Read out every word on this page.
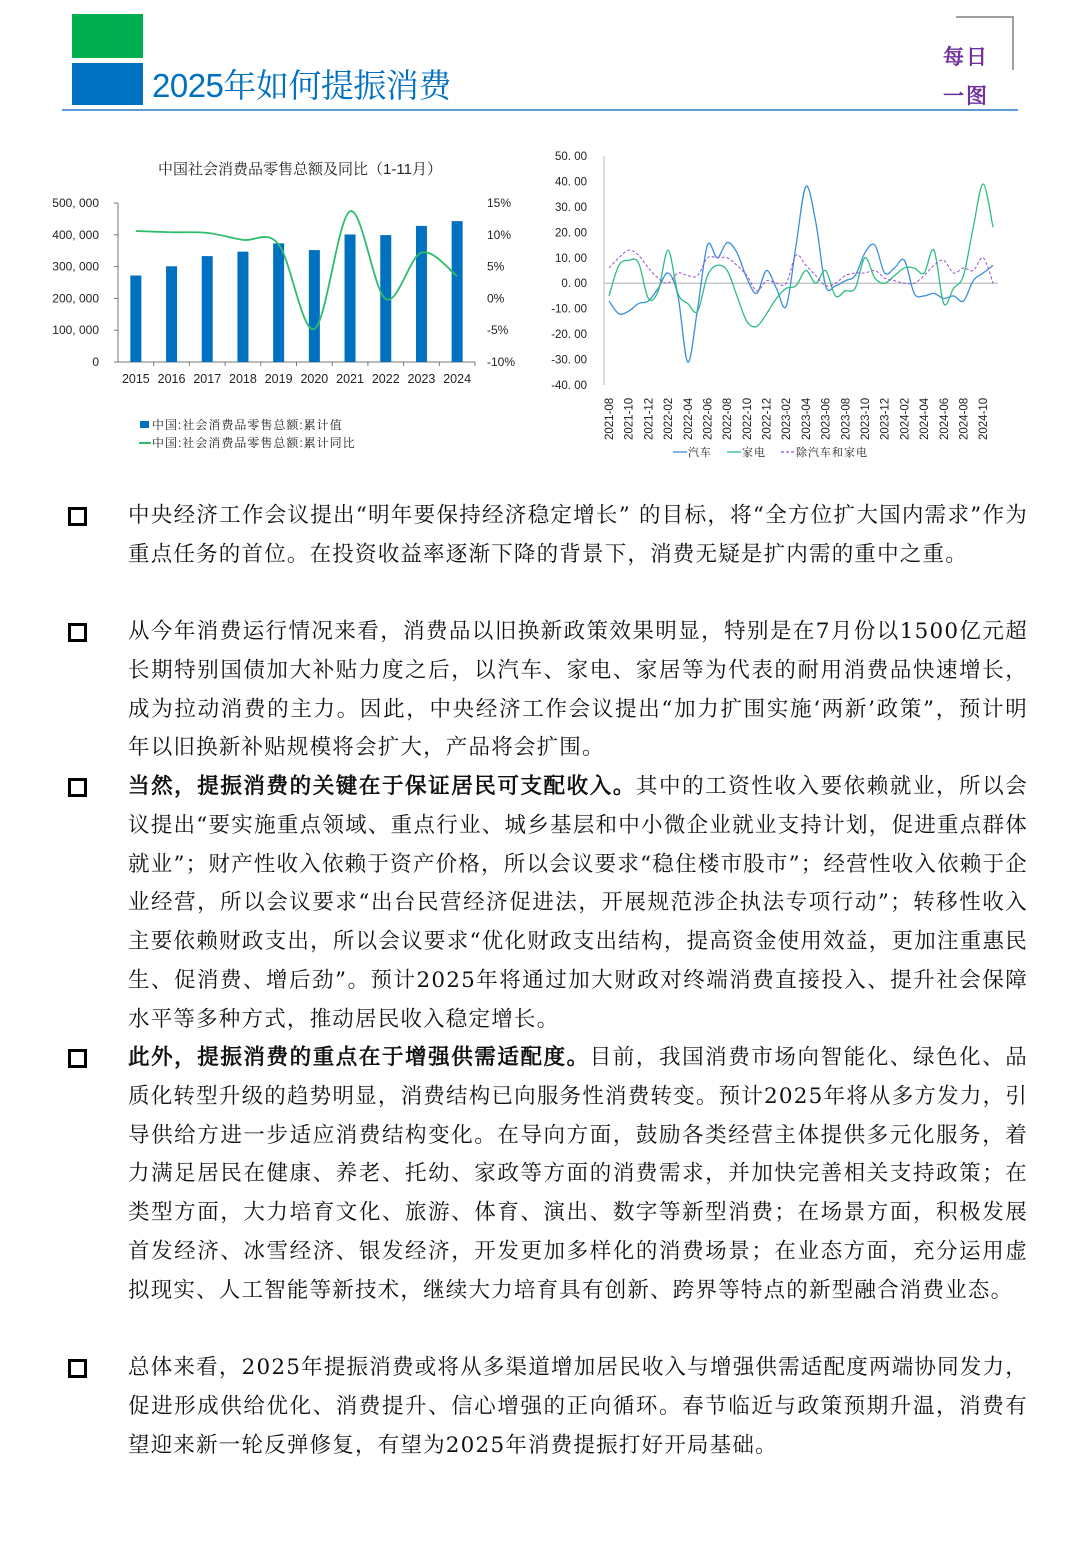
2025年如何提振消费
每日
一图
中国社会消费品零售总额及同比（1-11月）
0
100, 000
200, 000
300, 000
400, 000
500, 000
-10%
-5%
0%
5%
10%
15%
2015 2016 2017 2018 2019 2020 2021 2022 2023 2024
中国:社会消费品零售总额:累计值
中国:社会消费品零售总额:累计同比
-40. 00
-30. 00
-20. 00
-10. 00
0. 00
10. 00
20. 00
30. 00
40. 00
50. 00
2021-08 2021-10 2021-12 2022-02 2022-04 2022-06 2022-08 2022-10 2022-12 2023-02 2023-04 2023-06 2023-08 2023-10 2023-12 2024-02 2024-04 2024-06 2024-08 2024-10
汽车	家电	除汽车和家电
中央经济工作会议提出“明年要保持经济稳定增长” 的目标，将“全方位扩大国内需求”作为重点任务的首位。在投资收益率逐渐下降的背景下，消费无疑是扩内需的重中之重。
从今年消费运行情况来看，消费品以旧换新政策效果明显，特别是在7月份以1500亿元超长期特别国债加大补贴力度之后，以汽车、家电、家居等为代表的耐用消费品快速增长，成为拉动消费的主力。因此，中央经济工作会议提出“加力扩围实施‘两新’政策”，预计明年以旧换新补贴规模将会扩大，产品将会扩围。
当然，提振消费的关键在于保证居民可支配收入。其中的工资性收入要依赖就业，所以会议提出“要实施重点领域、重点行业、城乡基层和中小微企业就业支持计划，促进重点群体就业”；财产性收入依赖于资产价格，所以会议要求“稳住楼市股市”；经营性收入依赖于企业经营，所以会议要求“出台民营经济促进法，开展规范涉企执法专项行动”；转移性收入主要依赖财政支出，所以会议要求“优化财政支出结构，提高资金使用效益，更加注重惠民生、促消费、增后劲”。预计2025年将通过加大财政对终端消费直接投入、提升社会保障水平等多种方式，推动居民收入稳定增长。
此外，提振消费的重点在于增强供需适配度。目前，我国消费市场向智能化、绿色化、品质化转型升级的趋势明显，消费结构已向服务性消费转变。预计2025年将从多方发力，引导供给方进一步适应消费结构变化。在导向方面，鼓励各类经营主体提供多元化服务，着力满足居民在健康、养老、托幼、家政等方面的消费需求，并加快完善相关支持政策；在类型方面，大力培育文化、旅游、体育、演出、数字等新型消费；在场景方面，积极发展首发经济、冰雪经济、银发经济，开发更加多样化的消费场景；在业态方面，充分运用虚拟现实、人工智能等新技术，继续大力培育具有创新、跨界等特点的新型融合消费业态。
总体来看，2025年提振消费或将从多渠道增加居民收入与增强供需适配度两端协同发力，促进形成供给优化、消费提升、信心增强的正向循环。春节临近与政策预期升温，消费有望迎来新一轮反弹修复，有望为2025年消费提振打好开局基础。
